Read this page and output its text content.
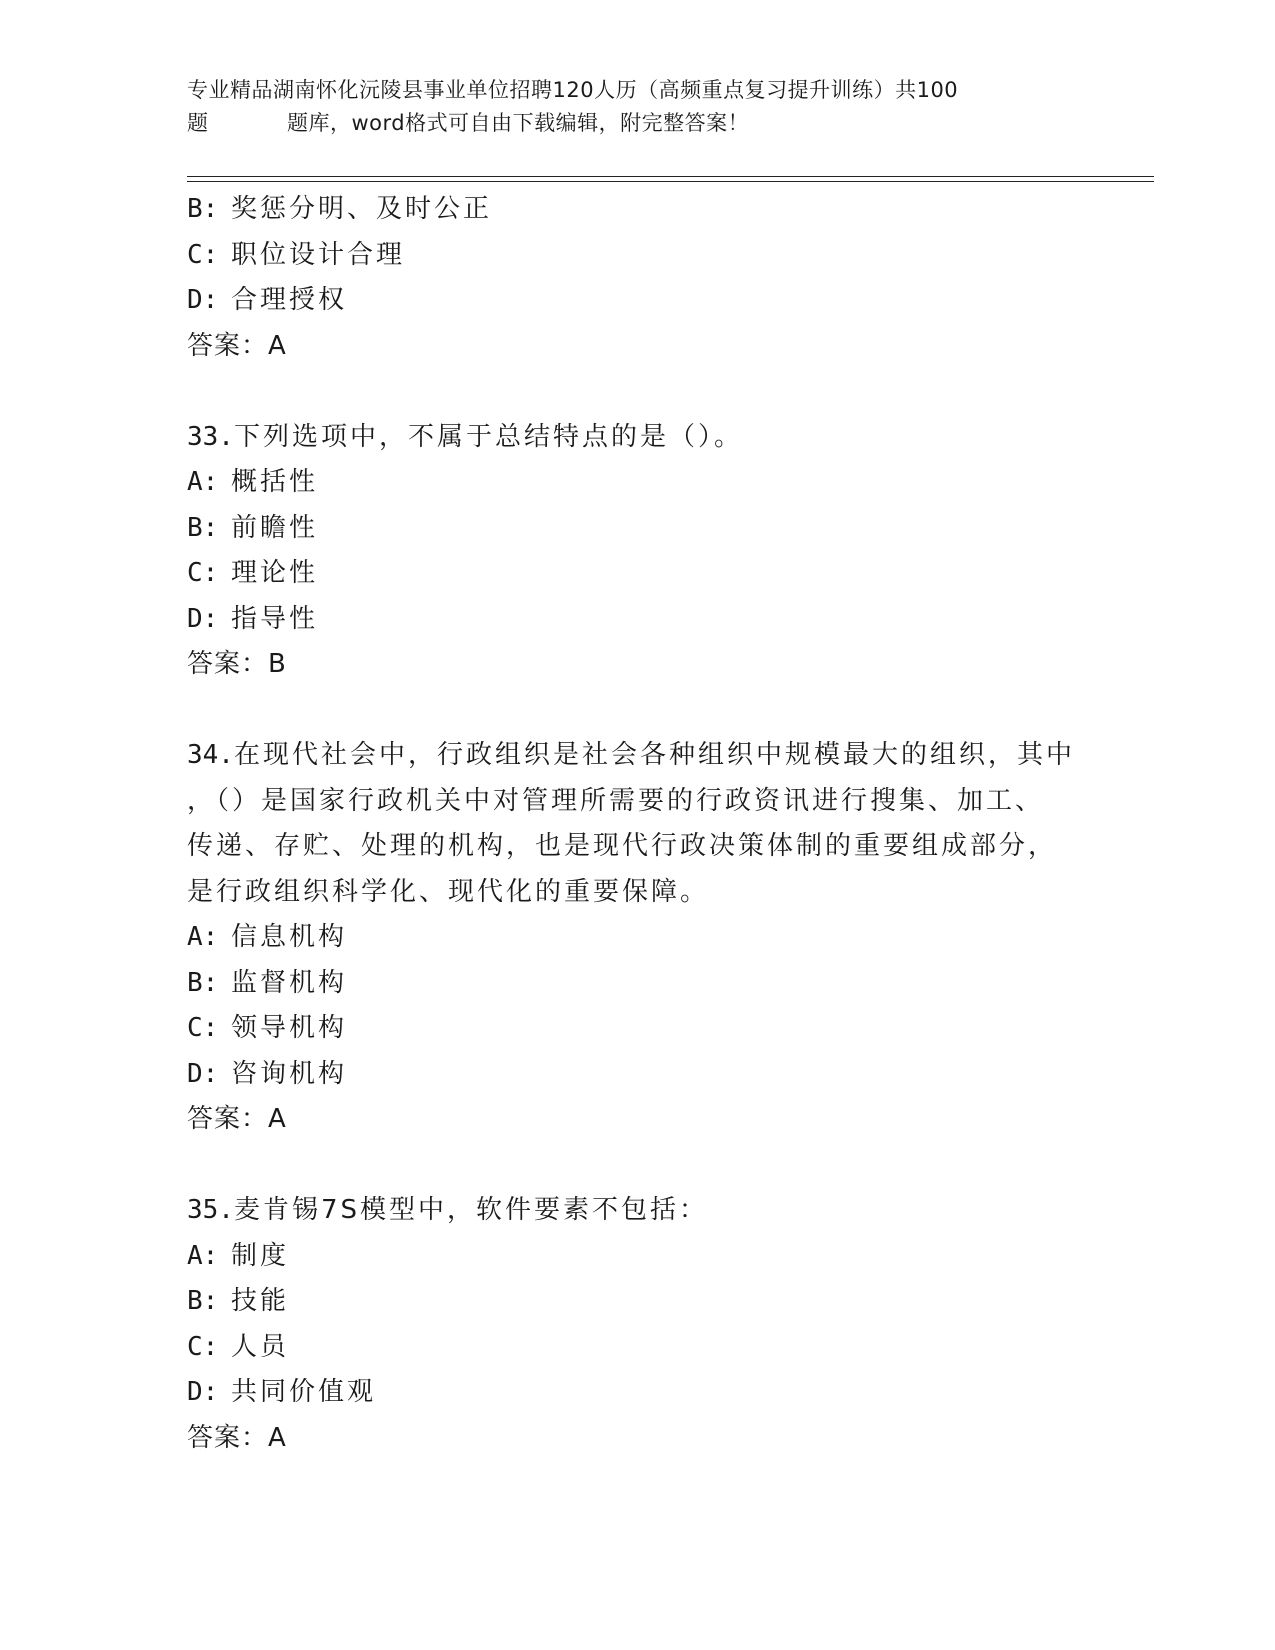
专业精品湖南怀化沅陵县事业单位招聘120人历（高频重点复习提升训练）共100
题	题库，word格式可自由下载编辑，附完整答案！
B: 奖惩分明、及时公正
C: 职位设计合理
D: 合理授权
答案：A
33.下列选项中，不属于总结特点的是（）。
A: 概括性
B: 前瞻性
C: 理论性
D: 指导性
答案：B
34.在现代社会中，行政组织是社会各种组织中规模最大的组织，其中
，（）是国家行政机关中对管理所需要的行政资讯进行搜集、加工、
传递、存贮、处理的机构，也是现代行政决策体制的重要组成部分，
是行政组织科学化、现代化的重要保障。
A: 信息机构
B: 监督机构
C: 领导机构
D: 咨询机构
答案：A
35.麦肯锡7S模型中，软件要素不包括：
A: 制度
B: 技能
C: 人员
D: 共同价值观
答案：A
